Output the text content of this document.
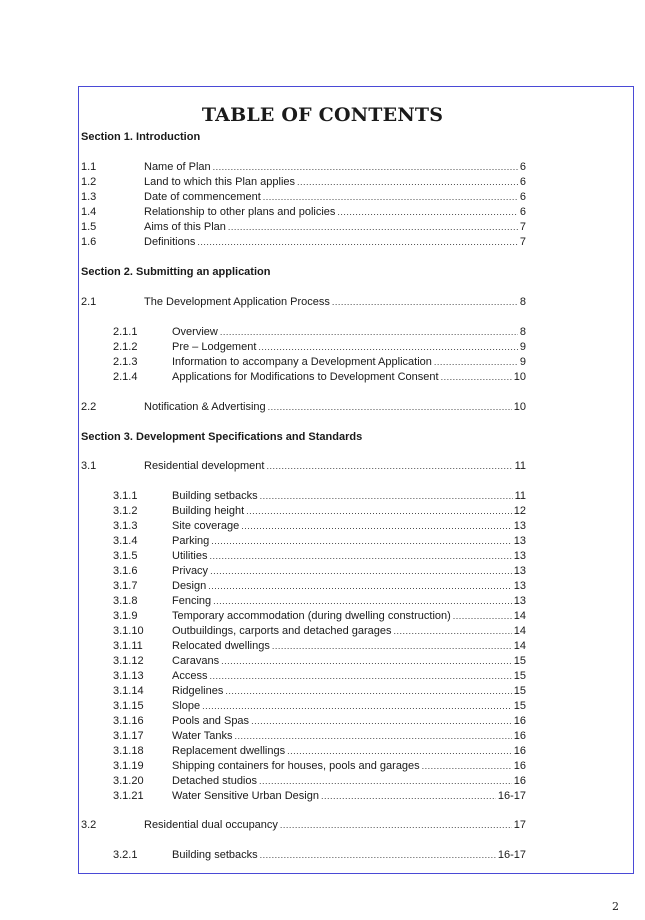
TABLE OF CONTENTS
Section 1. Introduction
1.1	Name of Plan .....	6
1.2	Land to which this Plan applies .....	6
1.3	Date of commencement .....	6
1.4	Relationship to other plans and policies .....	6
1.5	Aims of this Plan .....	7
1.6	Definitions .....	7
Section 2. Submitting an application
2.1	The Development Application Process .....	8
2.1.1	Overview .....	8
2.1.2	Pre – Lodgement .....	9
2.1.3	Information to accompany a Development Application .....	9
2.1.4	Applications for Modifications to Development Consent .....	10
2.2	Notification & Advertising .....	10
Section 3. Development Specifications and Standards
3.1	Residential development .....	11
3.1.1	Building setbacks .....	11
3.1.2	Building height .....	12
3.1.3	Site coverage .....	13
3.1.4	Parking .....	13
3.1.5	Utilities .....	13
3.1.6	Privacy .....	13
3.1.7	Design .....	13
3.1.8	Fencing .....	13
3.1.9	Temporary accommodation (during dwelling construction) .....	14
3.1.10	Outbuildings, carports and detached garages .....	14
3.1.11	Relocated dwellings .....	14
3.1.12	Caravans .....	15
3.1.13	Access .....	15
3.1.14	Ridgelines .....	15
3.1.15	Slope .....	15
3.1.16	Pools and Spas .....	16
3.1.17	Water Tanks .....	16
3.1.18	Replacement dwellings .....	16
3.1.19	Shipping containers for houses, pools and garages .....	16
3.1.20	Detached studios .....	16
3.1.21	Water Sensitive Urban Design .....	16-17
3.2	Residential dual occupancy .....	17
3.2.1	Building setbacks .....	16-17
2
